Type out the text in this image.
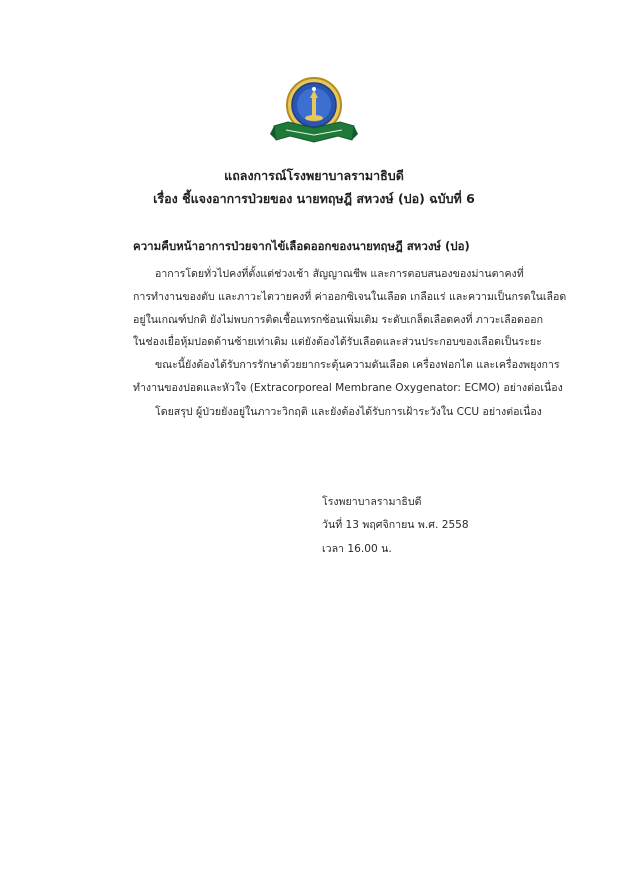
แถลงการณ์โรงพยาบาลรามาธิบดี
เรื่อง ชี้แจงอาการป่วยของ นายทฤษฎี สหวงษ์ (ปอ) ฉบับที่ 6
ความคืบหน้าอาการป่วยจากไข้เลือดออกของนายทฤษฎี สหวงษ์ (ปอ)
อาการโดยทั่วไปคงที่ตั้งแต่ช่วงเช้า สัญญาณชีพ และการตอบสนองของม่านตาคงที่
การทำงานของตับ และภาวะไตวายคงที่ ค่าออกซิเจนในเลือด เกลือแร่ และความเป็นกรดในเลือด
อยู่ในเกณฑ์ปกติ ยังไม่พบการติดเชื้อแทรกซ้อนเพิ่มเติม ระดับเกล็ดเลือดคงที่ ภาวะเลือดออก
ในช่องเยื่อหุ้มปอดด้านซ้ายเท่าเดิม แต่ยังต้องได้รับเลือดและส่วนประกอบของเลือดเป็นระยะ
ขณะนี้ยังต้องได้รับการรักษาด้วยยากระตุ้นความดันเลือด เครื่องฟอกไต และเครื่องพยุงการ
ทำงานของปอดและหัวใจ (Extracorporeal Membrane Oxygenator: ECMO) อย่างต่อเนื่อง
โดยสรุป ผู้ป่วยยังอยู่ในภาวะวิกฤติ และยังต้องได้รับการเฝ้าระวังใน CCU อย่างต่อเนื่อง
โรงพยาบาลรามาธิบดี
วันที่ 13 พฤศจิกายน พ.ศ. 2558
เวลา 16.00 น.
